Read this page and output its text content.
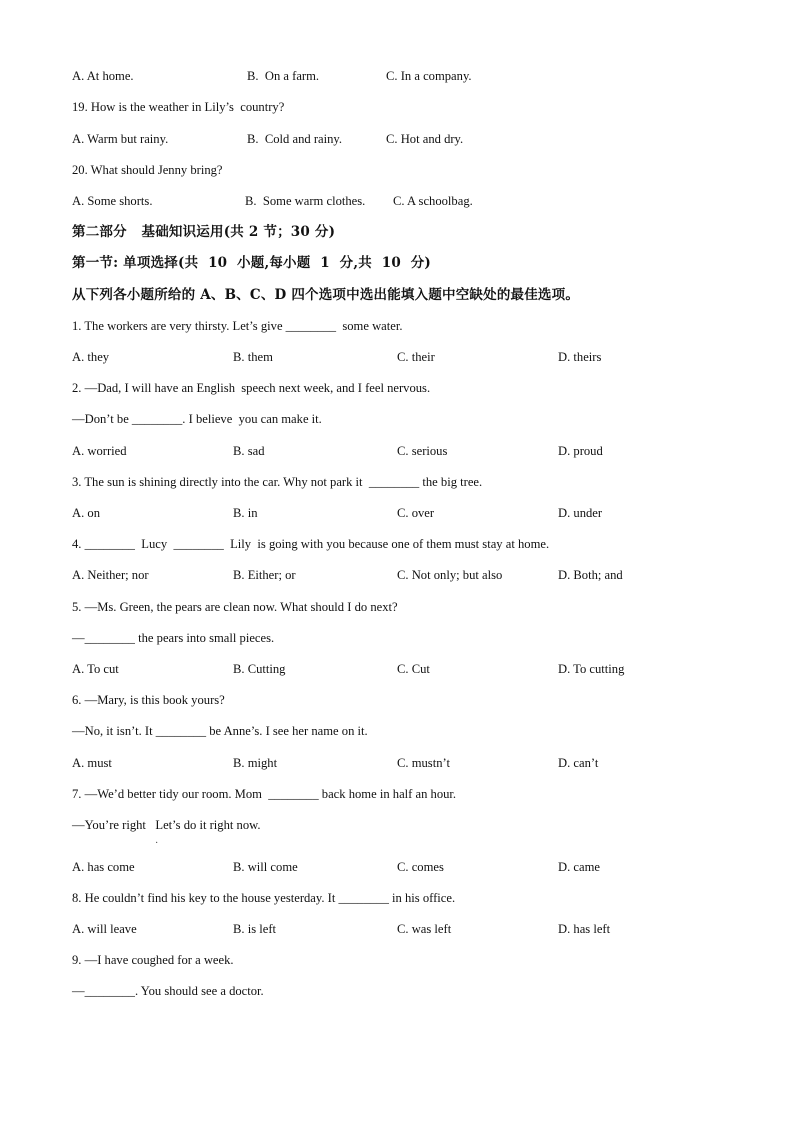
A. At home.	B.  On a farm.	C. In a company.
19. How is the weather in Lily’s  country?
A. Warm but rainy.	B.  Cold and rainy.	C. Hot and dry.
20. What should Jenny bring?
A. Some shorts.	B.  Some warm clothes. C. A schoolbag.
第二部分   基础知识运用(共 2 节；30 分)
第一节: 单项选择(共  10  小题,每小题  1  分,共  10  分)
从下列各小题所给的 A、B、C、D 四个选项中选出能填入题中空缺处的最佳选项。
1. The workers are very thirsty. Let’s give ________  some water.
A. they	B. them	C. their	D. theirs
2. —Dad, I will have an English  speech next week, and I feel nervous.
—Don’t be ________. I believe  you can make it.
A. worried	B. sad	C. serious	D. proud
3. The sun is shining directly into the car. Why not park it  ________ the big tree.
A. on	B. in	C. over	D. under
4. ________  Lucy  ________  Lily  is going with you because one of them must stay at home.
A. Neither; nor	B. Either; or	C. Not only; but also	D. Both; and
5. —Ms. Green, the pears are clean now. What should I do next?
—________ the pears into small pieces.
A. To cut	B. Cutting	C. Cut	D. To cutting
6. —Mary, is this book yours?
—No, it isn’t. It ________ be Anne’s. I see her name on it.
A. must	B. might	C. mustn’t	D. can’t
7. —We’d better tidy our room. Mom  ________ back home in half an hour.
—You’re right   Let’s do it right now.
·
A. has come	B. will come	C. comes	D. came
8. He couldn’t find his key to the house yesterday. It ________ in his office.
A. will leave	B. is left	C. was left	D. has left
9. —I have coughed for a week.
—________. You should see a doctor.
